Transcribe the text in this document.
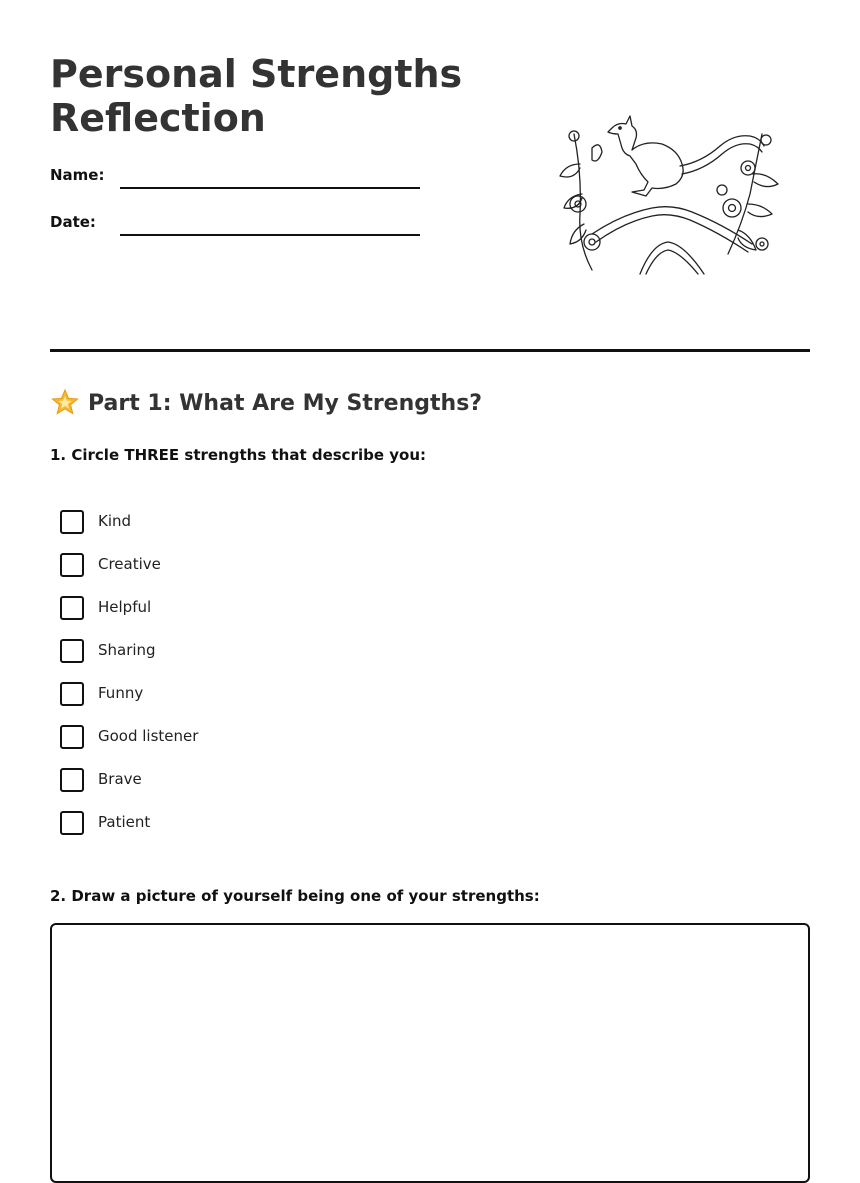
Personal Strengths
Reflection
Name:
Date:
Part 1: What Are My Strengths?

1. Circle THREE strengths that describe you:

Kind
Creative
Helpful
Sharing
Funny
Good listener
Brave
Patient

2. Draw a picture of yourself being one of your strengths:
